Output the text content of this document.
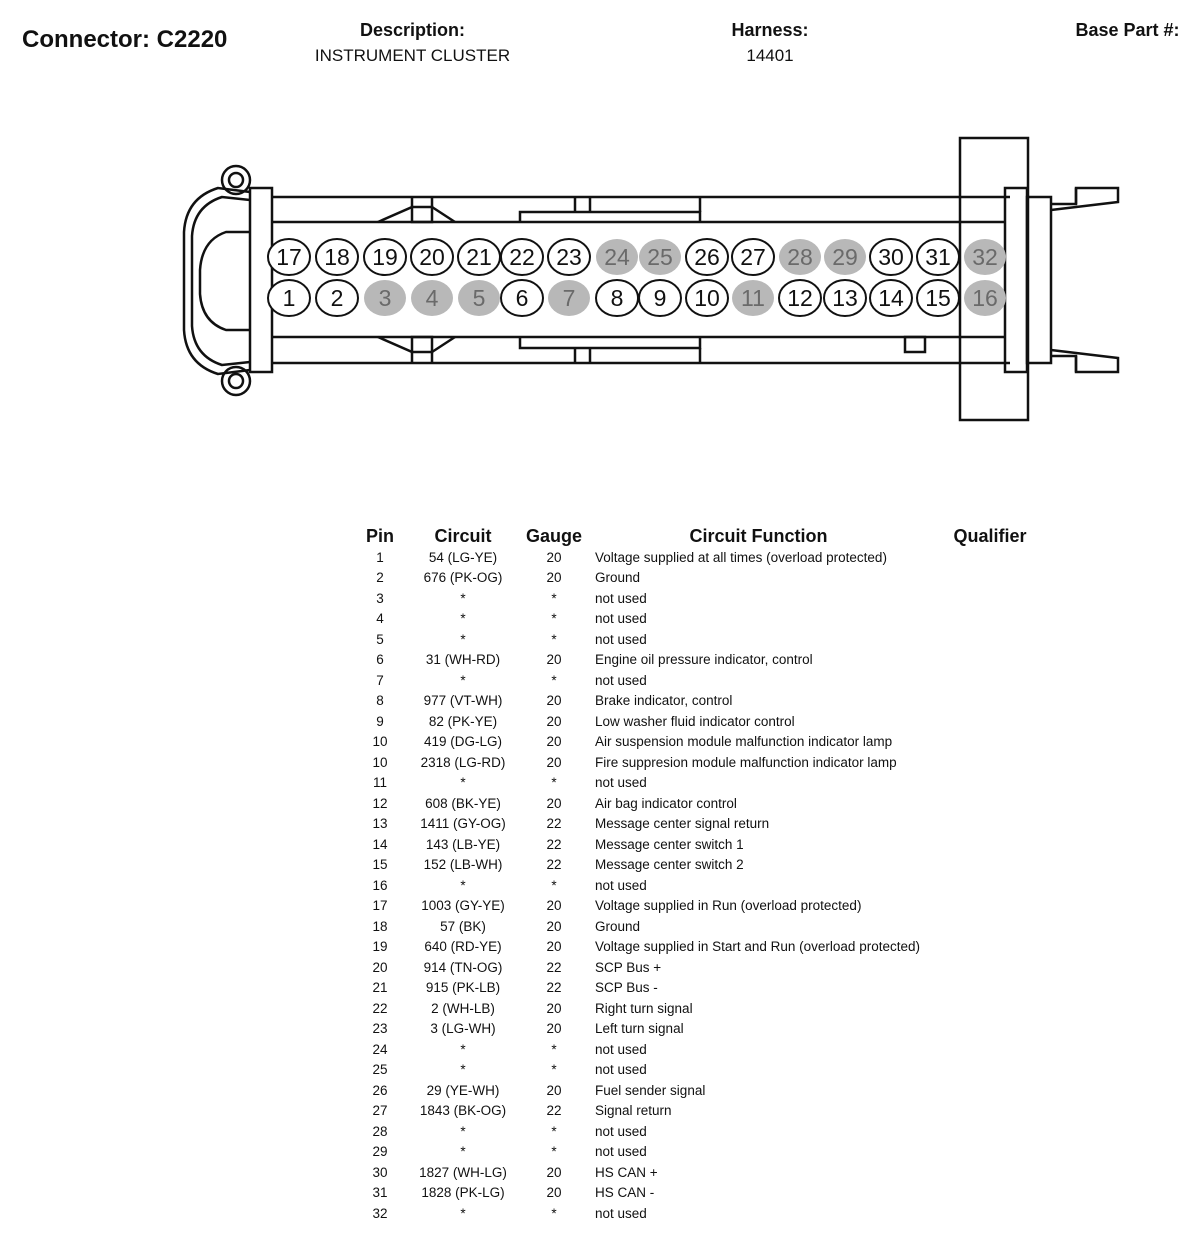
Connector: C2220	Description:
INSTRUMENT CLUSTER
Harness:
14401
Base Part #:
17 18 19 20 21 22 23 24 25 26 27 28 29 30 31 32
1 2 3 4 5 6 7 8 9 10 11 12 13 14 15 16
Pin	Circuit	Gauge	Circuit Function	Qualifier
1	54 (LG-YE)	20	Voltage supplied at all times (overload protected)	
2	676 (PK-OG)	20	Ground	
3	*	*	not used	
4	*	*	not used	
5	*	*	not used	
6	31 (WH-RD)	20	Engine oil pressure indicator, control	
7	*	*	not used	
8	977 (VT-WH)	20	Brake indicator, control	
9	82 (PK-YE)	20	Low washer fluid indicator control	
10	419 (DG-LG)	20	Air suspension module malfunction indicator lamp	
10	2318 (LG-RD)	20	Fire suppresion module malfunction indicator lamp	
11	*	*	not used	
12	608 (BK-YE)	20	Air bag indicator control	
13	1411 (GY-OG)	22	Message center signal return	
14	143 (LB-YE)	22	Message center switch 1	
15	152 (LB-WH)	22	Message center switch 2	
16	*	*	not used	
17	1003 (GY-YE)	20	Voltage supplied in Run (overload protected)	
18	57 (BK)	20	Ground	
19	640 (RD-YE)	20	Voltage supplied in Start and Run (overload protected)	
20	914 (TN-OG)	22	SCP Bus +	
21	915 (PK-LB)	22	SCP Bus -	
22	2 (WH-LB)	20	Right turn signal	
23	3 (LG-WH)	20	Left turn signal	
24	*	*	not used	
25	*	*	not used	
26	29 (YE-WH)	20	Fuel sender signal	
27	1843 (BK-OG)	22	Signal return	
28	*	*	not used	
29	*	*	not used	
30	1827 (WH-LG)	20	HS CAN +	
31	1828 (PK-LG)	20	HS CAN -	
32	*	*	not used	
